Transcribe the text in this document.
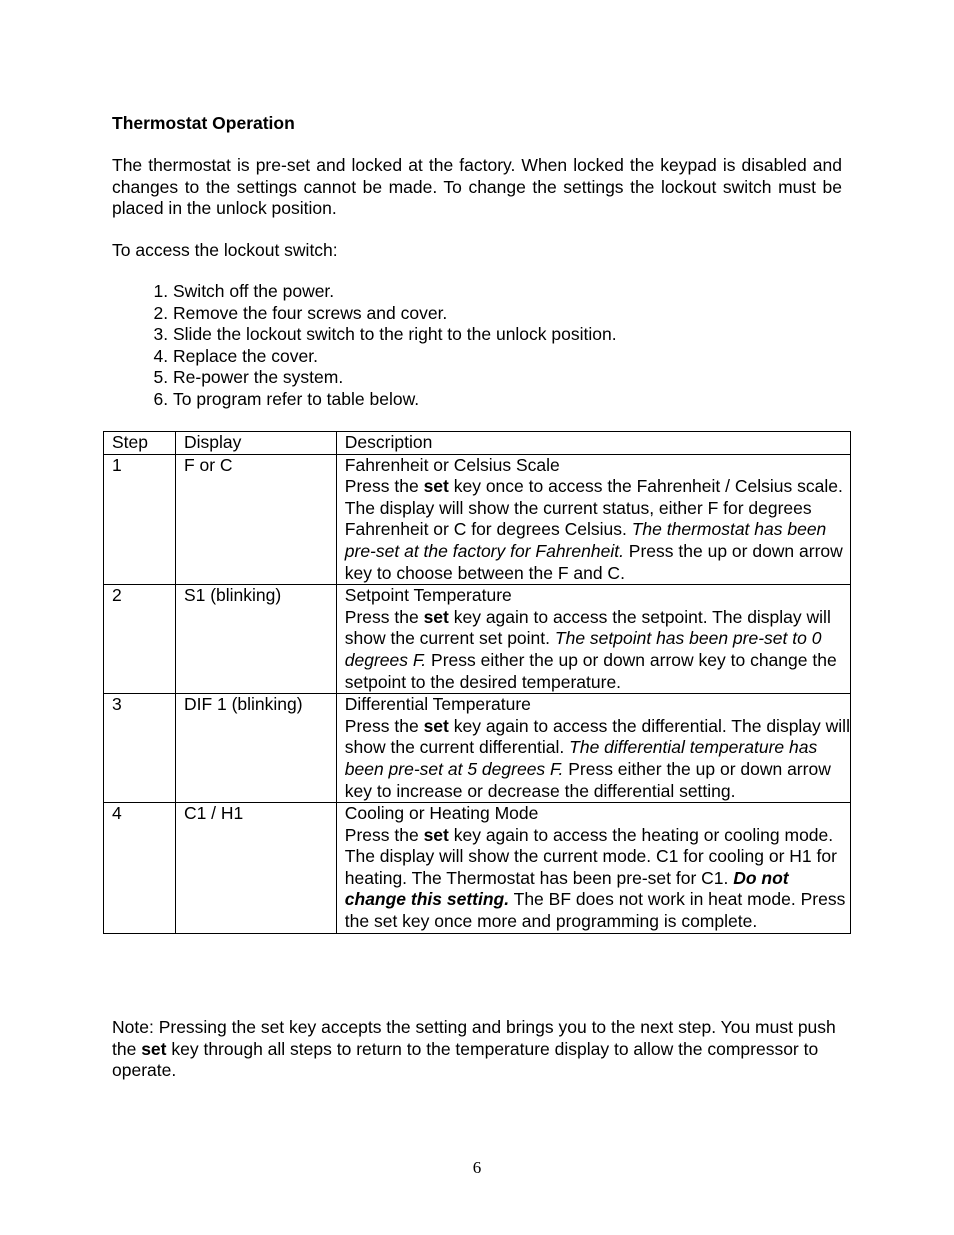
Thermostat Operation

The thermostat is pre-set and locked at the factory. When locked the keypad is disabled and changes to the settings cannot be made. To change the settings the lockout switch must be placed in the unlock position.

To access the lockout switch:

1. Switch off the power.
2. Remove the four screws and cover.
3. Slide the lockout switch to the right to the unlock position.
4. Replace the cover.
5. Re-power the system.
6. To program refer to table below.
Step	Display	Description
1	F or C	Fahrenheit or Celsius Scale
Press the set key once to access the Fahrenheit / Celsius scale. The display will show the current status, either F for degrees Fahrenheit or C for degrees Celsius. The thermostat has been pre-set at the factory for Fahrenheit. Press the up or down arrow key to choose between the F and C.

2	S1 (blinking)	Setpoint Temperature
Press the set key again to access the setpoint. The display will show the current set point. The setpoint has been pre-set to 0 degrees F. Press either the up or down arrow key to change the setpoint to the desired temperature.

3	DIF 1 (blinking)	Differential Temperature
Press the set key again to access the differential. The display will show the current differential. The differential temperature has been pre-set at 5 degrees F. Press either the up or down arrow key to increase or decrease the differential setting.

4	C1 / H1	Cooling or Heating Mode
Press the set key again to access the heating or cooling mode. The display will show the current mode. C1 for cooling or H1 for heating. The Thermostat has been pre-set for C1. Do not change this setting. The BF does not work in heat mode. Press the set key once more and programming is complete.

Note: Pressing the set key accepts the setting and brings you to the next step. You must push the set key through all steps to return to the temperature display to allow the compressor to operate.

6
